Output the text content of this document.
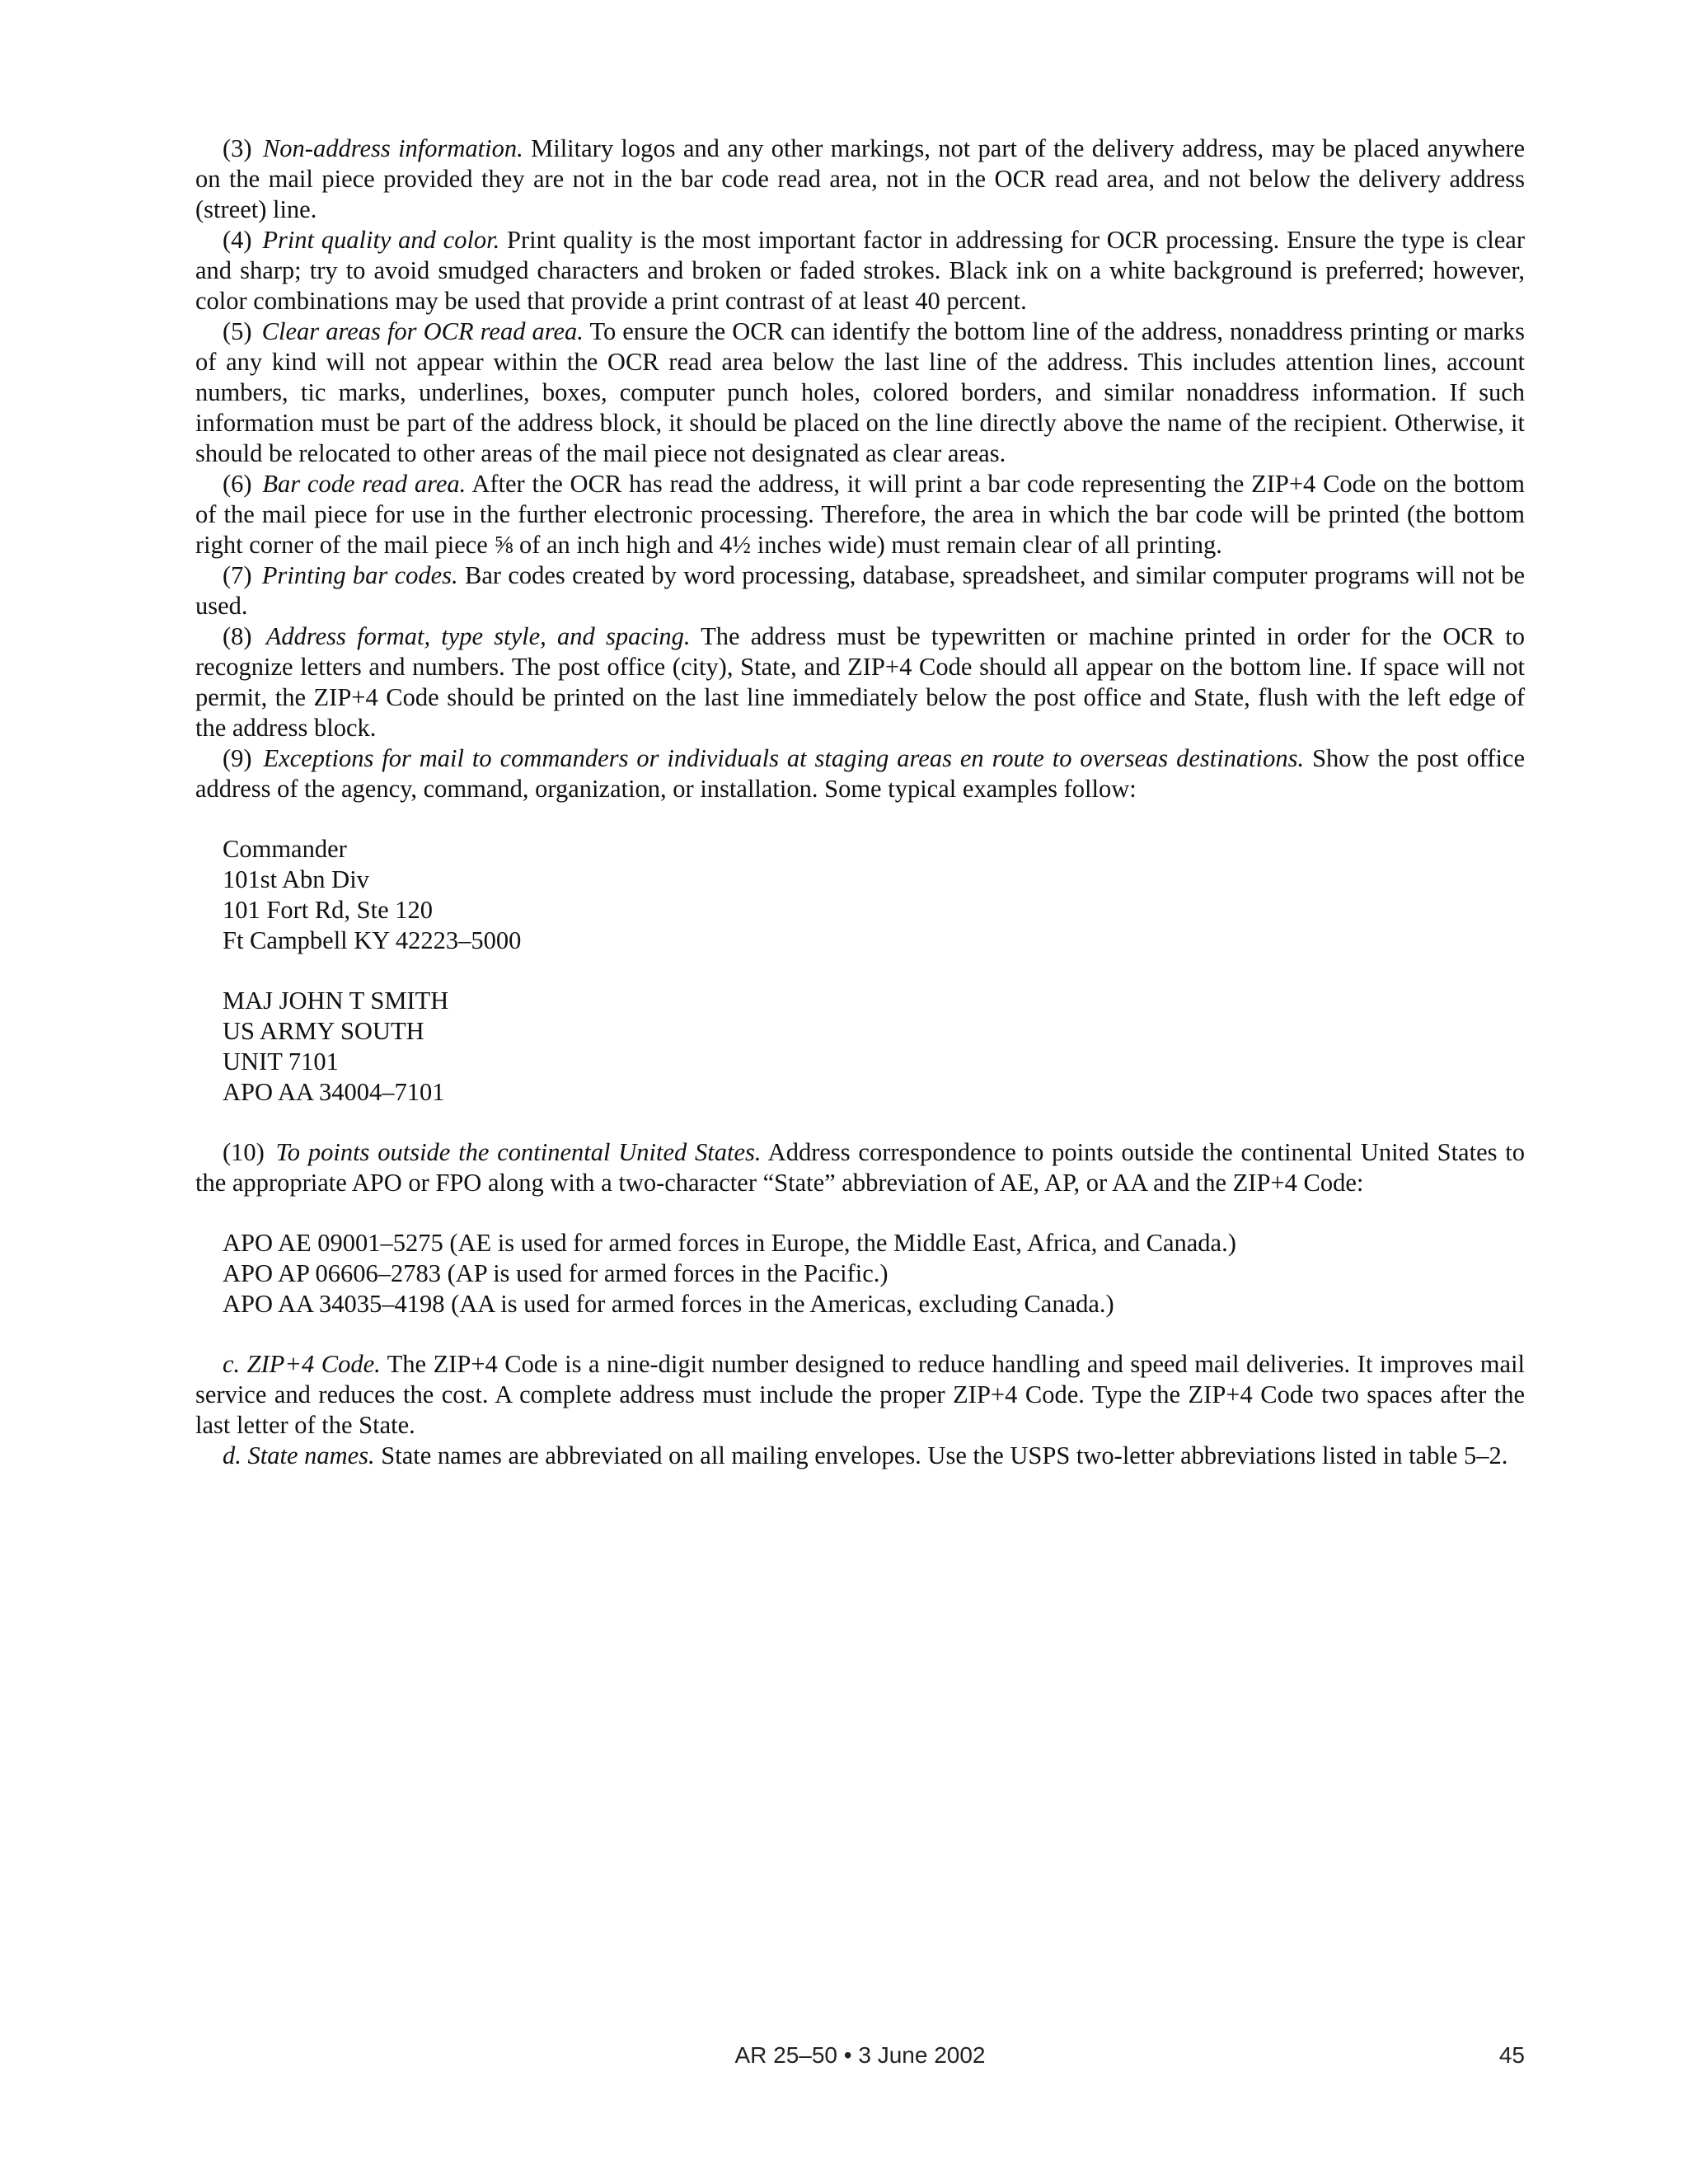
(3) Non-address information. Military logos and any other markings, not part of the delivery address, may be placed anywhere on the mail piece provided they are not in the bar code read area, not in the OCR read area, and not below the delivery address (street) line.

(4) Print quality and color. Print quality is the most important factor in addressing for OCR processing. Ensure the type is clear and sharp; try to avoid smudged characters and broken or faded strokes. Black ink on a white background is preferred; however, color combinations may be used that provide a print contrast of at least 40 percent.

(5) Clear areas for OCR read area. To ensure the OCR can identify the bottom line of the address, nonaddress printing or marks of any kind will not appear within the OCR read area below the last line of the address. This includes attention lines, account numbers, tic marks, underlines, boxes, computer punch holes, colored borders, and similar nonaddress information. If such information must be part of the address block, it should be placed on the line directly above the name of the recipient. Otherwise, it should be relocated to other areas of the mail piece not designated as clear areas.

(6) Bar code read area. After the OCR has read the address, it will print a bar code representing the ZIP+4 Code on the bottom of the mail piece for use in the further electronic processing. Therefore, the area in which the bar code will be printed (the bottom right corner of the mail piece ⅝ of an inch high and 4½ inches wide) must remain clear of all printing.

(7) Printing bar codes. Bar codes created by word processing, database, spreadsheet, and similar computer programs will not be used.

(8) Address format, type style, and spacing. The address must be typewritten or machine printed in order for the OCR to recognize letters and numbers. The post office (city), State, and ZIP+4 Code should all appear on the bottom line. If space will not permit, the ZIP+4 Code should be printed on the last line immediately below the post office and State, flush with the left edge of the address block.

(9) Exceptions for mail to commanders or individuals at staging areas en route to overseas destinations. Show the post office address of the agency, command, organization, or installation. Some typical examples follow:

Commander
101st Abn Div
101 Fort Rd, Ste 120
Ft Campbell KY 42223–5000
MAJ JOHN T SMITH
US ARMY SOUTH
UNIT 7101
APO AA 34004–7101

(10) To points outside the continental United States. Address correspondence to points outside the continental United States to the appropriate APO or FPO along with a two-character “State” abbreviation of AE, AP, or AA and the ZIP+4 Code:

APO AE 09001–5275 (AE is used for armed forces in Europe, the Middle East, Africa, and Canada.)
APO AP 06606–2783 (AP is used for armed forces in the Pacific.)
APO AA 34035–4198 (AA is used for armed forces in the Americas, excluding Canada.)

c. ZIP+4 Code. The ZIP+4 Code is a nine-digit number designed to reduce handling and speed mail deliveries. It improves mail service and reduces the cost. A complete address must include the proper ZIP+4 Code. Type the ZIP+4 Code two spaces after the last letter of the State.

d. State names. State names are abbreviated on all mailing envelopes. Use the USPS two-letter abbreviations listed in table 5–2.

AR 25–50 • 3 June 2002	45
